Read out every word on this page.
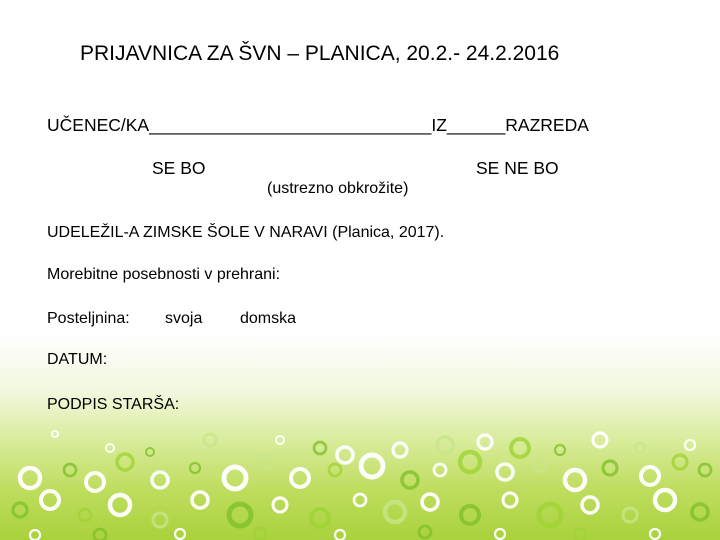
PRIJAVNICA ZA ŠVN – PLANICA, 20.2.- 24.2.2016
UČENEC/KA_____________________________IZ______RAZREDA
SE BO	SE NE BO
(ustrezno obkrožite)
UDELEŽIL-A ZIMSKE ŠOLE V NARAVI (Planica, 2017).
Morebitne posebnosti v prehrani:
Posteljnina: svoja domska
DATUM:
PODPIS STARŠA:
